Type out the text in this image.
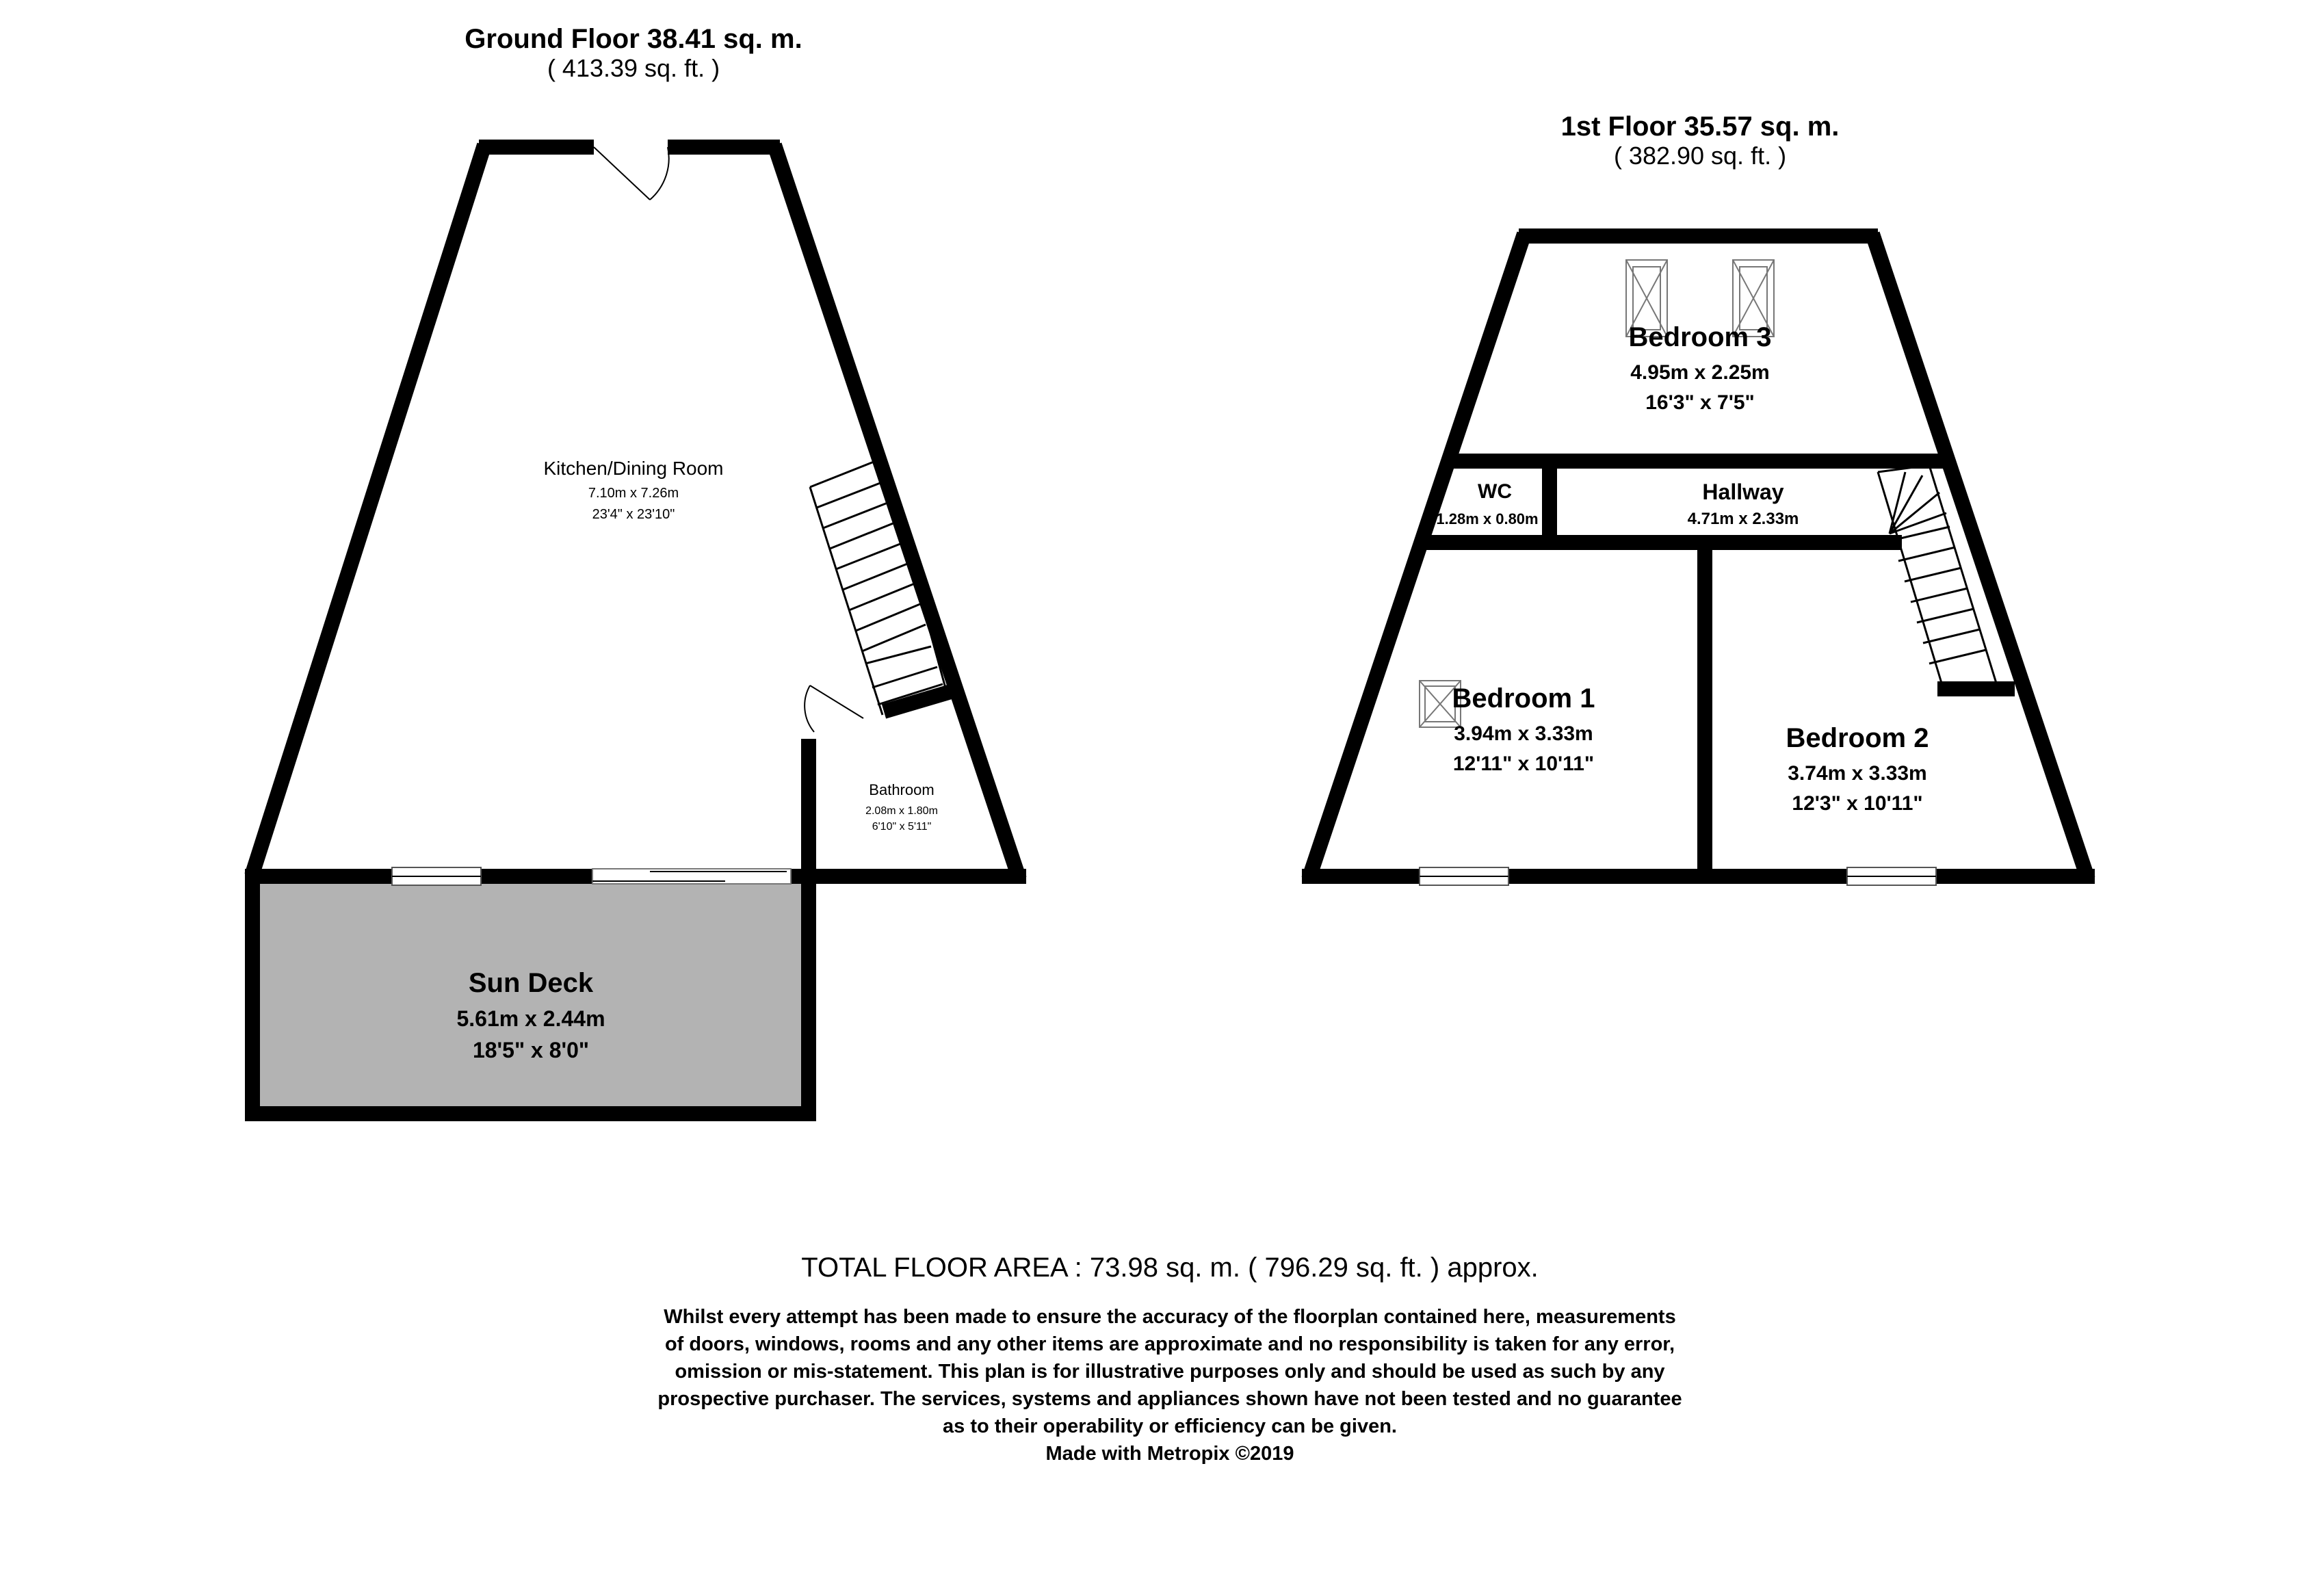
Ground Floor 38.41 sq. m.
( 413.39 sq. ft. )
Kitchen/Dining Room
7.10m x 7.26m
23'4" x 23'10"
Bathroom
2.08m x 1.80m
6'10" x 5'11"
Sun Deck
5.61m x 2.44m
18'5" x 8'0"
1st Floor 35.57 sq. m.
( 382.90 sq. ft. )
Bedroom 3
4.95m x 2.25m
16'3" x 7'5"
WC
1.28m x 0.80m
Hallway
4.71m x 2.33m
Bedroom 1
3.94m x 3.33m
12'11" x 10'11"
Bedroom 2
3.74m x 3.33m
12'3" x 10'11"
TOTAL FLOOR AREA : 73.98 sq. m. ( 796.29 sq. ft. ) approx.
Whilst every attempt has been made to ensure the accuracy of the floorplan contained here, measurements
of doors, windows, rooms and any other items are approximate and no responsibility is taken for any error,
omission or mis-statement. This plan is for illustrative purposes only and should be used as such by any
prospective purchaser. The services, systems and appliances shown have not been tested and no guarantee
as to their operability or efficiency can be given.
Made with Metropix ©2019
